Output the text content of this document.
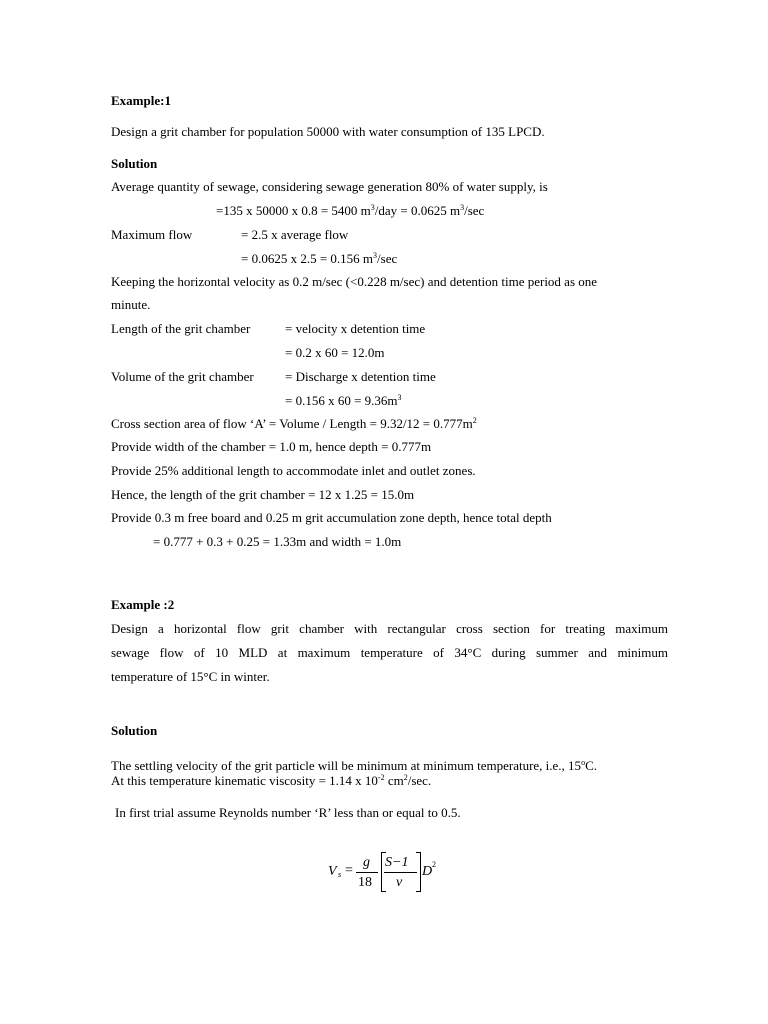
Example:1
Design a grit chamber for population 50000 with water consumption of 135 LPCD.
Solution
Average quantity of sewage, considering sewage generation 80% of water supply, is
=135 x 50000 x 0.8 = 5400 $m^3$/day = 0.0625 $m^3/\sec$
Maximum flow	= 2.5 x average flow
= 0.0625 x 2.5 = 0.156 $m^3/\sec$
Keeping the horizontal velocity as 0.2 m/sec (<0.228 m/sec) and detention time period as one
minute.
Length of the grit chamber	= velocity x detention time
= 0.2 x 60 = 12.0m
Volume of the grit chamber = Discharge x detention time
= 0.156 x $60 = 9.36m^3$
Cross section area of flow ‘A’ = Volume / Length = $9.32/12 = 0.777m^2$
Provide width of the chamber = 1.0 m, hence depth = 0.777m
Provide 25% additional length to accommodate inlet and outlet zones.
Hence, the length of the grit chamber = 12 x 1.25 = 15.0m
Provide 0.3 m free board and 0.25 m grit accumulation zone depth, hence total depth
= 0.777 + 0.3 + 0.25 = 1.33m and width = 1.0m
Example :2
Design a horizontal flow grit chamber with rectangular cross section for treating maximum
sewage flow of 10 MLD at maximum temperature of 34°C during summer and minimum
temperature of 15°C in winter.
Solution
The settling velocity of the grit particle will be minimum at minimum temperature, i.e., 15$^o$C.
At this temperature kinematic viscosity = 1.14 x $10^{-2}$ $cm^2/\sec$.
In first trial assume Reynolds number ‘R’ less than or equal to 0.5.
V s =
g
18
S−1
ν
D 2
